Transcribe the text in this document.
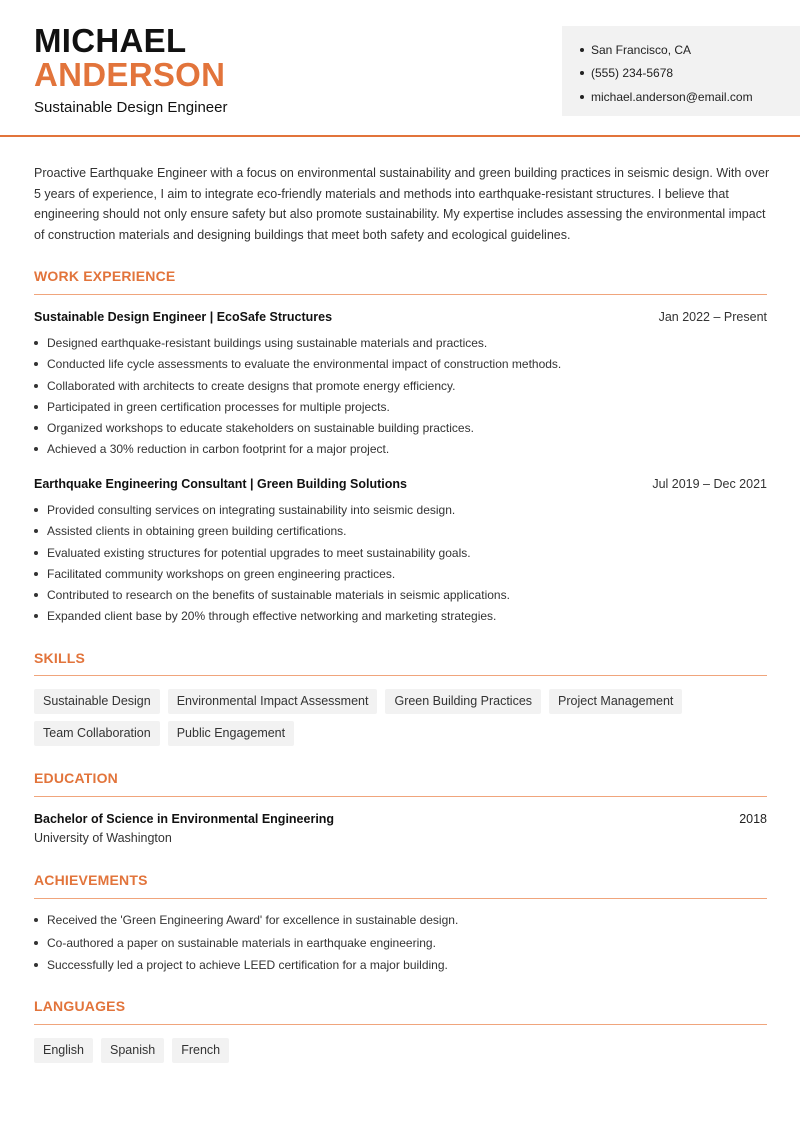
MICHAEL
ANDERSON
Sustainable Design Engineer
San Francisco, CA
(555) 234-5678
michael.anderson@email.com

Proactive Earthquake Engineer with a focus on environmental sustainability and green building practices in seismic design. With over 5 years of experience, I aim to integrate eco-friendly materials and methods into earthquake-resistant structures. I believe that engineering should not only ensure safety but also promote sustainability. My expertise includes assessing the environmental impact of construction materials and designing buildings that meet both safety and ecological guidelines.

WORK EXPERIENCE
Sustainable Design Engineer | EcoSafe Structures	Jan 2022 – Present
Designed earthquake-resistant buildings using sustainable materials and practices.
Conducted life cycle assessments to evaluate the environmental impact of construction methods.
Collaborated with architects to create designs that promote energy efficiency.
Participated in green certification processes for multiple projects.
Organized workshops to educate stakeholders on sustainable building practices.
Achieved a 30% reduction in carbon footprint for a major project.
Earthquake Engineering Consultant | Green Building Solutions	Jul 2019 – Dec 2021
Provided consulting services on integrating sustainability into seismic design.
Assisted clients in obtaining green building certifications.
Evaluated existing structures for potential upgrades to meet sustainability goals.
Facilitated community workshops on green engineering practices.
Contributed to research on the benefits of sustainable materials in seismic applications.
Expanded client base by 20% through effective networking and marketing strategies.
SKILLS
Sustainable Design	Environmental Impact Assessment	Green Building Practices	Project Management
Team Collaboration	Public Engagement
EDUCATION
Bachelor of Science in Environmental Engineering	2018
University of Washington
ACHIEVEMENTS
Received the 'Green Engineering Award' for excellence in sustainable design.
Co-authored a paper on sustainable materials in earthquake engineering.
Successfully led a project to achieve LEED certification for a major building.
LANGUAGES
English	Spanish	French
